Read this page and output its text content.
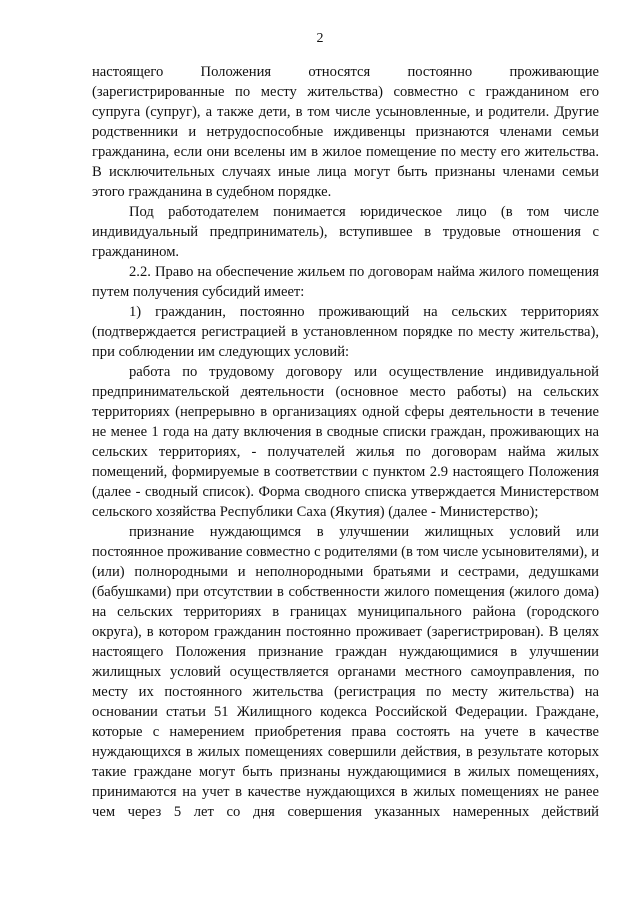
2

настоящего Положения относятся постоянно проживающие (зарегистрированные по месту жительства) совместно с гражданином его супруга (супруг), а также дети, в том числе усыновленные, и родители. Другие родственники и нетрудоспособные иждивенцы признаются членами семьи гражданина, если они вселены им в жилое помещение по месту его жительства. В исключительных случаях иные лица могут быть признаны членами семьи этого гражданина в судебном порядке.

Под работодателем понимается юридическое лицо (в том числе индивидуальный предприниматель), вступившее в трудовые отношения с гражданином.

2.2. Право на обеспечение жильем по договорам найма жилого помещения путем получения субсидий имеет:

1) гражданин, постоянно проживающий на сельских территориях (подтверждается регистрацией в установленном порядке по месту жительства), при соблюдении им следующих условий:

работа по трудовому договору или осуществление индивидуальной предпринимательской деятельности (основное место работы) на сельских территориях (непрерывно в организациях одной сферы деятельности в течение не менее 1 года на дату включения в сводные списки граждан, проживающих на сельских территориях, - получателей жилья по договорам найма жилых помещений, формируемые в соответствии с пунктом 2.9 настоящего Положения (далее - сводный список). Форма сводного списка утверждается Министерством сельского хозяйства Республики Саха (Якутия) (далее - Министерство);

признание нуждающимся в улучшении жилищных условий или постоянное проживание совместно с родителями (в том числе усыновителями), и (или) полнородными и неполнородными братьями и сестрами, дедушками (бабушками) при отсутствии в собственности жилого помещения (жилого дома) на сельских территориях в границах муниципального района (городского округа), в котором гражданин постоянно проживает (зарегистрирован). В целях настоящего Положения признание граждан нуждающимися в улучшении жилищных условий осуществляется органами местного самоуправления, по месту их постоянного жительства (регистрация по месту жительства) на основании статьи 51 Жилищного кодекса Российской Федерации. Граждане, которые с намерением приобретения права состоять на учете в качестве нуждающихся в жилых помещениях совершили действия, в результате которых такие граждане могут быть признаны нуждающимися в жилых помещениях, принимаются на учет в качестве нуждающихся в жилых помещениях не ранее чем через 5 лет со дня совершения указанных намеренных действий
